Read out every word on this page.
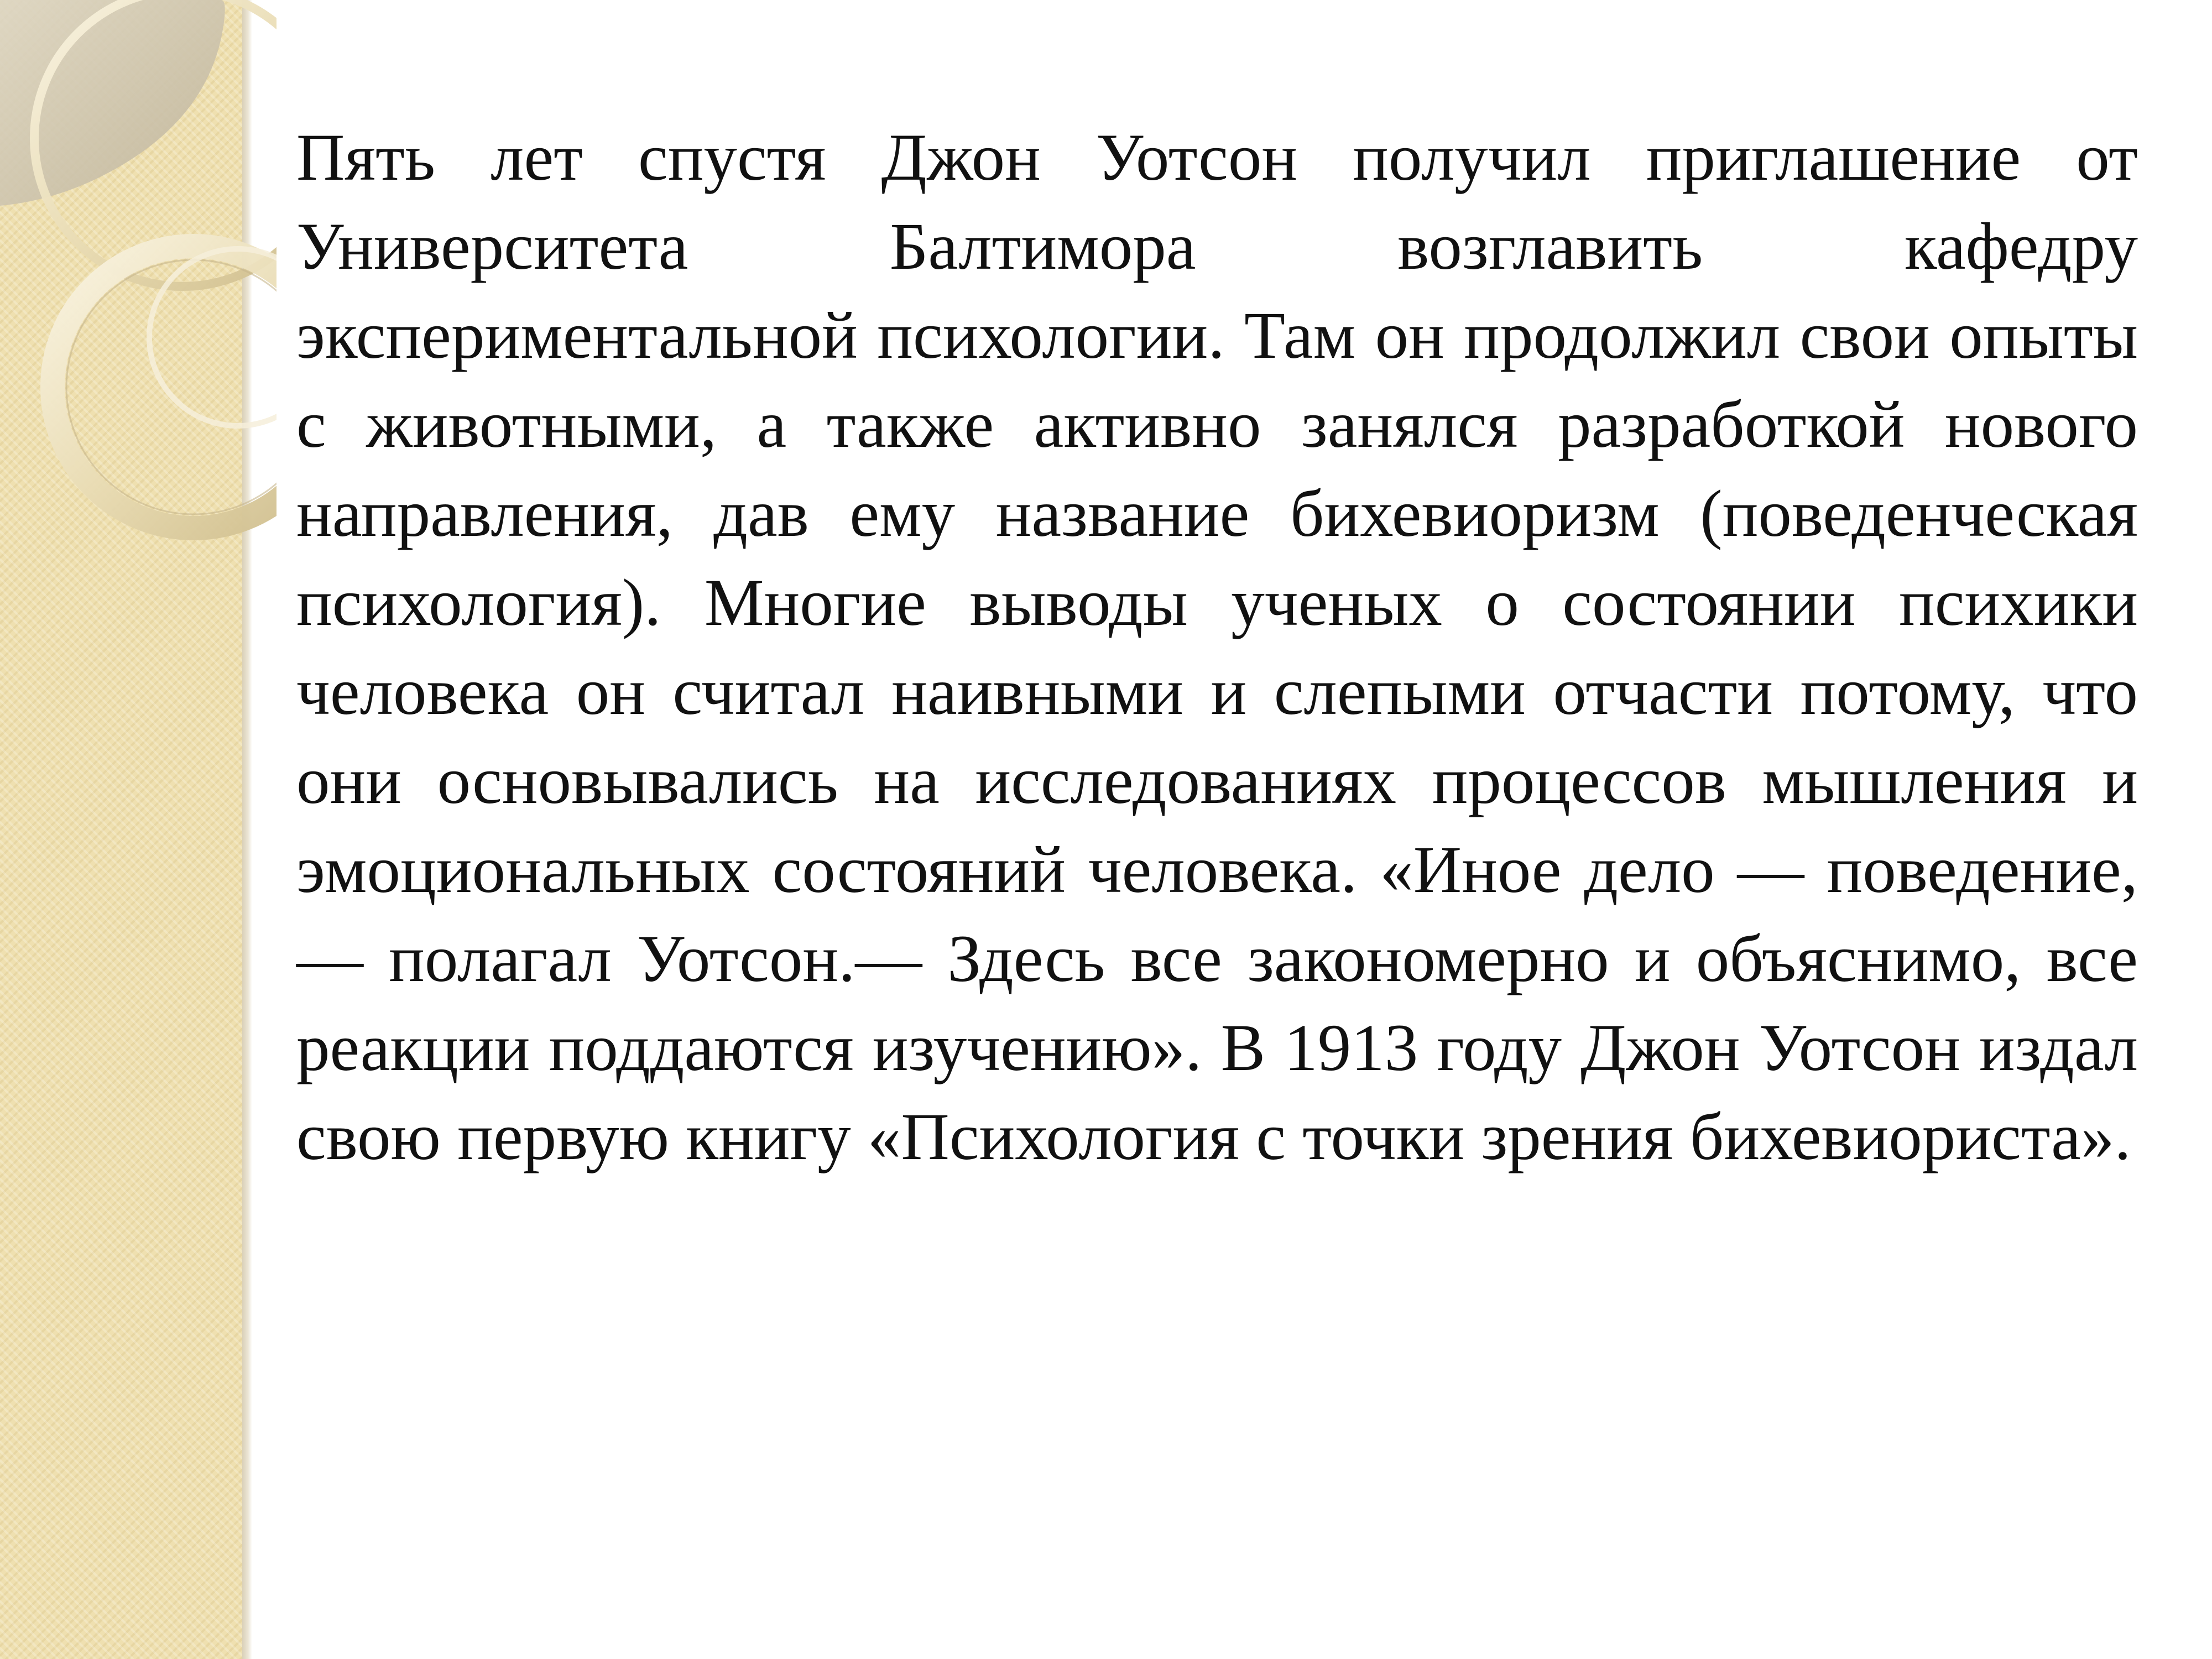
Пять лет спустя Джон Уотсон получил приглашение от Университета Балтимора возглавить кафедру экспериментальной психологии. Там он продолжил свои опыты с животными, а также активно занялся разработкой нового направления, дав ему название бихевиоризм (поведенческая психология). Многие выводы ученых о состоянии психики человека он считал наивными и слепыми отчасти потому, что они основывались на исследованиях процессов мышления и эмоциональных состояний человека. «Иное дело — поведение,— полагал Уотсон.— Здесь все закономерно и объяснимо, все реакции поддаются изучению». В 1913 году Джон Уотсон издал свою первую книгу «Психология с точки зрения бихевиориста».
